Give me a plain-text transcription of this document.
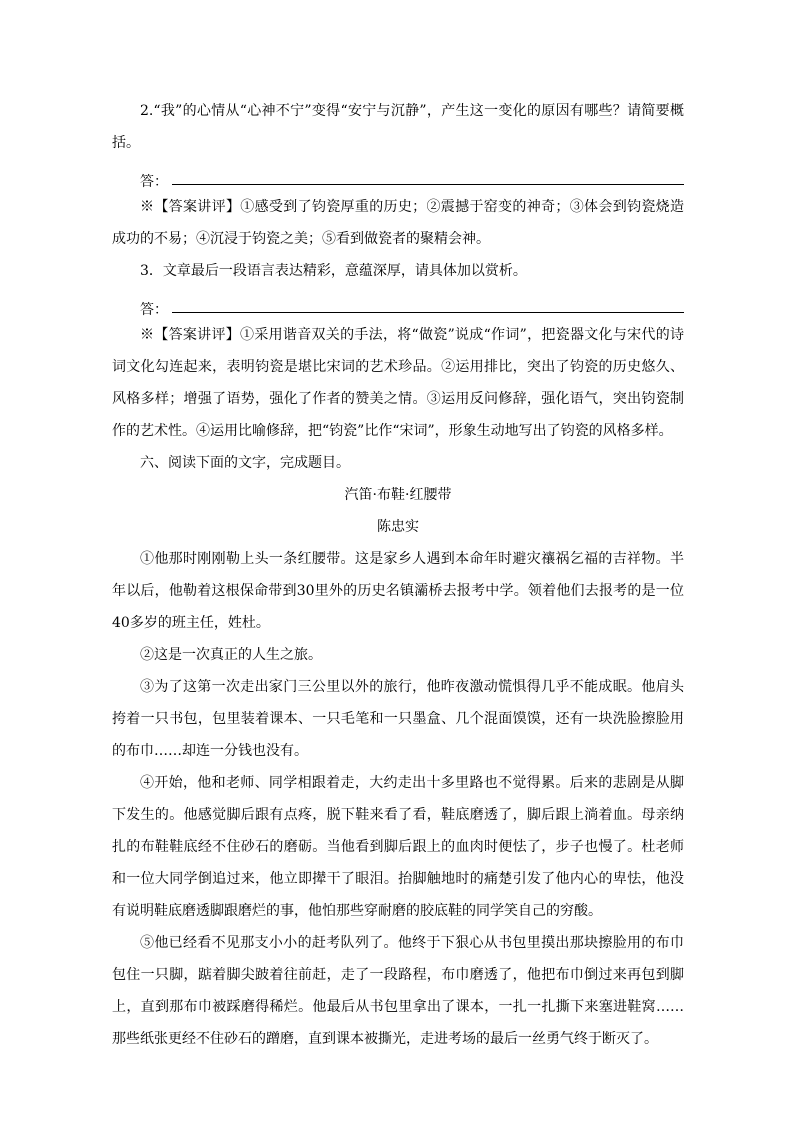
2.“我”的心情从“心神不宁”变得“安宁与沉静”，产生这一变化的原因有哪些？请简要概括。

答：

※【答案讲评】①感受到了钧瓷厚重的历史；②震撼于窑变的神奇；③体会到钧瓷烧造成功的不易；④沉浸于钧瓷之美；⑤看到做瓷者的聚精会神。

3．文章最后一段语言表达精彩，意蕴深厚，请具体加以赏析。

答：

※【答案讲评】①采用谐音双关的手法，将“做瓷”说成“作词”，把瓷器文化与宋代的诗词文化勾连起来，表明钧瓷是堪比宋词的艺术珍品。②运用排比，突出了钧瓷的历史悠久、风格多样；增强了语势，强化了作者的赞美之情。③运用反问修辞，强化语气，突出钧瓷制作的艺术性。④运用比喻修辞，把“钧瓷”比作“宋词”，形象生动地写出了钧瓷的风格多样。

六、阅读下面的文字，完成题目。

汽笛·布鞋·红腰带

陈忠实

①他那时刚刚勒上头一条红腰带。这是家乡人遇到本命年时避灾禳祸乞福的吉祥物。半年以后，他勒着这根保命带到30里外的历史名镇灞桥去报考中学。领着他们去报考的是一位40多岁的班主任，姓杜。

②这是一次真正的人生之旅。

③为了这第一次走出家门三公里以外的旅行，他昨夜激动慌惧得几乎不能成眠。他肩头挎着一只书包，包里装着课本、一只毛笔和一只墨盒、几个混面馍馍，还有一块洗脸擦脸用的布巾……却连一分钱也没有。

④开始，他和老师、同学相跟着走，大约走出十多里路也不觉得累。后来的悲剧是从脚下发生的。他感觉脚后跟有点疼，脱下鞋来看了看，鞋底磨透了，脚后跟上淌着血。母亲纳扎的布鞋鞋底经不住砂石的磨砺。当他看到脚后跟上的血肉时便怯了，步子也慢了。杜老师和一位大同学倒追过来，他立即撵干了眼泪。抬脚触地时的痛楚引发了他内心的卑怯，他没有说明鞋底磨透脚跟磨烂的事，他怕那些穿耐磨的胶底鞋的同学笑自己的穷酸。

⑤他已经看不见那支小小的赶考队列了。他终于下狠心从书包里摸出那块擦脸用的布巾包住一只脚，踮着脚尖跛着往前赶，走了一段路程，布巾磨透了，他把布巾倒过来再包到脚上，直到那布巾被踩磨得稀烂。他最后从书包里拿出了课本，一扎一扎撕下来塞进鞋窝……那些纸张更经不住砂石的蹭磨，直到课本被撕光，走进考场的最后一丝勇气终于断灭了。
